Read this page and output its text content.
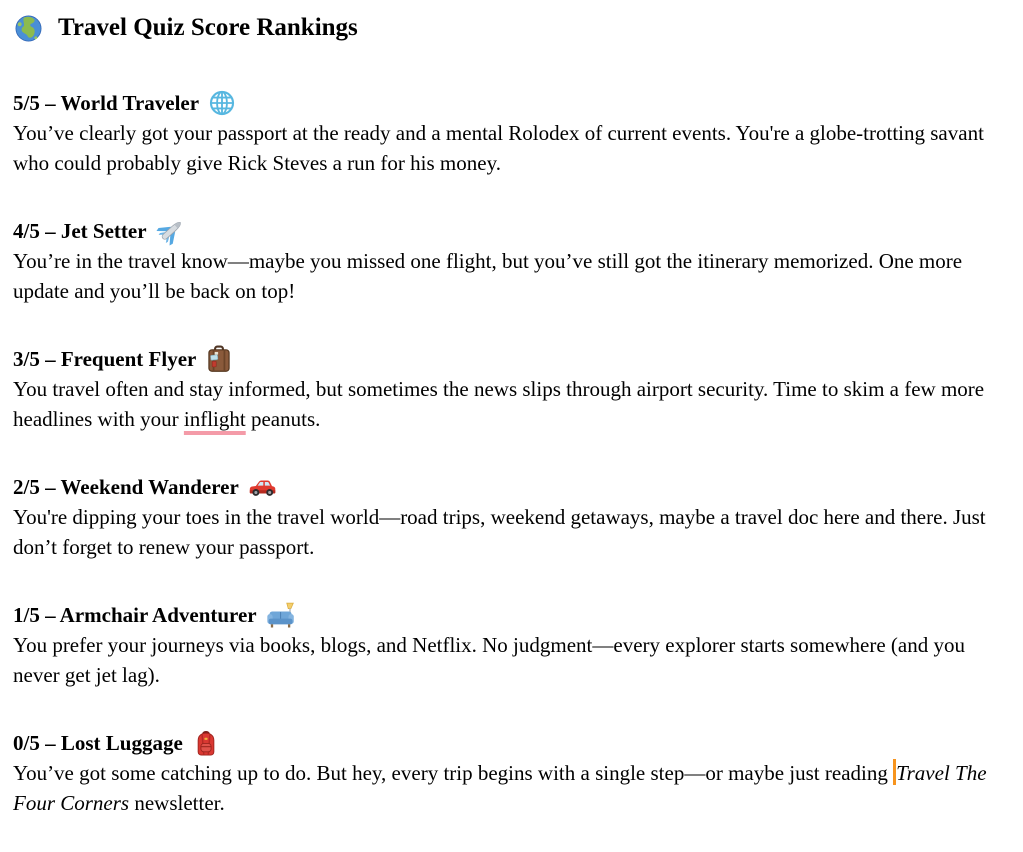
Travel Quiz Score Rankings
5/5 – World Traveler

You’ve clearly got your passport at the ready and a mental Rolodex of current events. You're a globe-trotting savant who could probably give Rick Steves a run for his money.

4/5 – Jet Setter

You’re in the travel know—maybe you missed one flight, but you’ve still got the itinerary memorized. One more update and you’ll be back on top!

3/5 – Frequent Flyer

You travel often and stay informed, but sometimes the news slips through airport security. Time to skim a few more headlines with your inflight peanuts.

2/5 – Weekend Wanderer

You're dipping your toes in the travel world—road trips, weekend getaways, maybe a travel doc here and there. Just don’t forget to renew your passport.

1/5 – Armchair Adventurer

You prefer your journeys via books, blogs, and Netflix. No judgment—every explorer starts somewhere (and you never get jet lag).

0/5 – Lost Luggage

You’ve got some catching up to do. But hey, every trip begins with a single step—or maybe just reading Travel The Four Corners newsletter.
